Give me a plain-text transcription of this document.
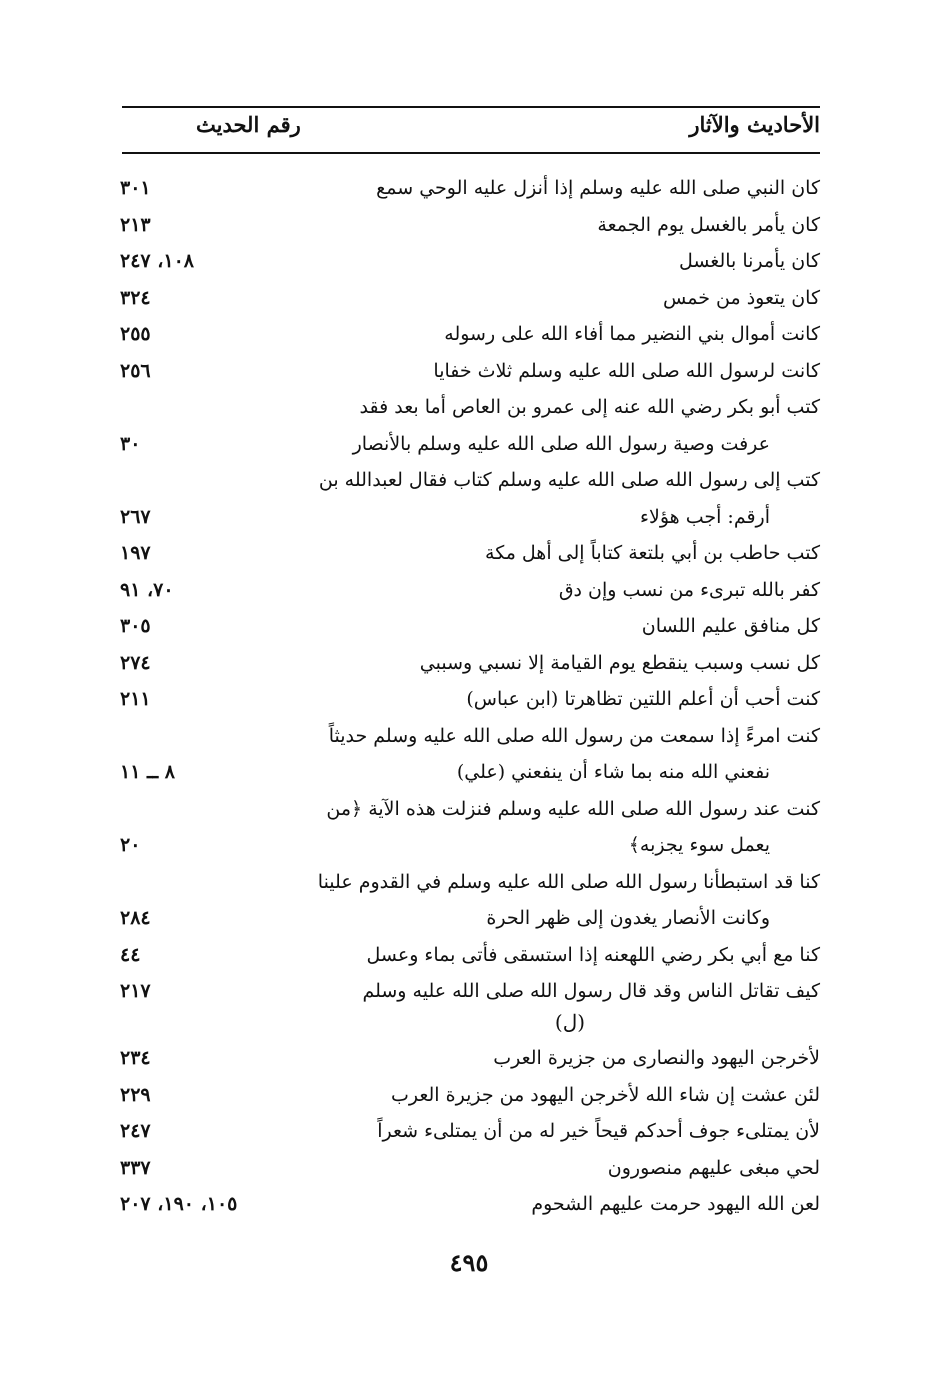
الأحاديث والآثار
رقم الحديث
كان النبي صلى الله عليه وسلم إذا أنزل عليه الوحي سمع
٣٠١
كان يأمر بالغسل يوم الجمعة
٢١٣
كان يأمرنا بالغسل
١٠٨، ٢٤٧
كان يتعوذ من خمس
٣٢٤
كانت أموال بني النضير مما أفاء الله على رسوله
٢٥٥
كانت لرسول الله صلى الله عليه وسلم ثلاث خفايا
٢٥٦
كتب أبو بكر رضي الله عنه إلى عمرو بن العاص أما بعد فقد
عرفت وصية رسول الله صلى الله عليه وسلم بالأنصار
٣٠
كتب إلى رسول الله صلى الله عليه وسلم كتاب فقال لعبدالله بن
أرقم: أجب هؤلاء
٢٦٧
كتب حاطب بن أبي بلتعة كتاباً إلى أهل مكة
١٩٧
كفر بالله تبرىء من نسب وإن دق
٧٠، ٩١
كل منافق عليم اللسان
٣٠٥
كل نسب وسبب ينقطع يوم القيامة إلا نسبي وسببي
٢٧٤
كنت أحب أن أعلم اللتين تظاهرتا (ابن عباس)
٢١١
كنت امرءً إذا سمعت من رسول الله صلى الله عليه وسلم حديثاً
نفعني الله منه بما شاء أن ينفعني (علي)
٨ ــ ١١
كنت عند رسول الله صلى الله عليه وسلم فنزلت هذه الآية ﴿من
يعمل سوء يجزبه﴾
٢٠
كنا قد استبطأنا رسول الله صلى الله عليه وسلم في القدوم علينا
وكانت الأنصار يغدون إلى ظهر الحرة
٢٨٤
كنا مع أبي بكر رضي اللهعنه إذا استسقى فأتى بماء وعسل
٤٤
كيف تقاتل الناس وقد قال رسول الله صلى الله عليه وسلم
٢١٧
(ل)
لأخرجن اليهود والنصارى من جزيرة العرب
٢٣٤
لئن عشت إن شاء الله لأخرجن اليهود من جزيرة العرب
٢٢٩
لأن يمتلىء جوف أحدكم قيحاً خير له من أن يمتلىء شعراً
٢٤٧
لحي مبغى عليهم منصورون
٣٣٧
لعن الله اليهود حرمت عليهم الشحوم
١٠٥، ١٩٠، ٢٠٧
٤٩٥
